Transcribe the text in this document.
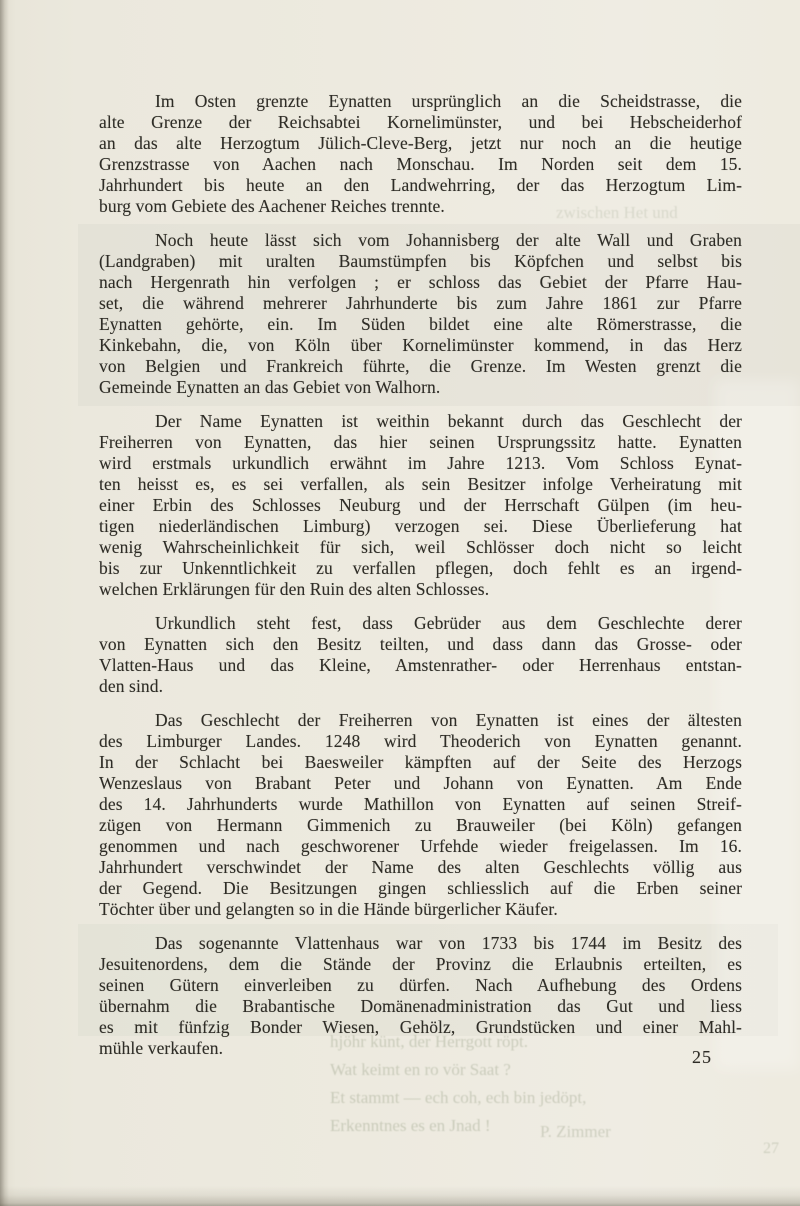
zwischen Het und
Im Osten grenzte Eynatten ursprünglich an die Scheidstrasse, die
alte Grenze der Reichsabtei Kornelimünster, und bei Hebscheiderhof
an das alte Herzogtum Jülich-Cleve-Berg, jetzt nur noch an die heutige
Grenzstrasse von Aachen nach Monschau. Im Norden seit dem 15.
Jahrhundert bis heute an den Landwehrring, der das Herzogtum Lim-
burg vom Gebiete des Aachener Reiches trennte.
Noch heute lässt sich vom Johannisberg der alte Wall und Graben
(Landgraben) mit uralten Baumstümpfen bis Köpfchen und selbst bis
nach Hergenrath hin verfolgen ; er schloss das Gebiet der Pfarre Hau-
set, die während mehrerer Jahrhunderte bis zum Jahre 1861 zur Pfarre
Eynatten gehörte, ein. Im Süden bildet eine alte Römerstrasse, die
Kinkebahn, die, von Köln über Kornelimünster kommend, in das Herz
von Belgien und Frankreich führte, die Grenze. Im Westen grenzt die
Gemeinde Eynatten an das Gebiet von Walhorn.
Der Name Eynatten ist weithin bekannt durch das Geschlecht der
Freiherren von Eynatten, das hier seinen Ursprungssitz hatte. Eynatten
wird erstmals urkundlich erwähnt im Jahre 1213. Vom Schloss Eynat-
ten heisst es, es sei verfallen, als sein Besitzer infolge Verheiratung mit
einer Erbin des Schlosses Neuburg und der Herrschaft Gülpen (im heu-
tigen niederländischen Limburg) verzogen sei. Diese Überlieferung hat
wenig Wahrscheinlichkeit für sich, weil Schlösser doch nicht so leicht
bis zur Unkenntlichkeit zu verfallen pflegen, doch fehlt es an irgend-
welchen Erklärungen für den Ruin des alten Schlosses.
Urkundlich steht fest, dass Gebrüder aus dem Geschlechte derer
von Eynatten sich den Besitz teilten, und dass dann das Grosse- oder
Vlatten-Haus und das Kleine, Amstenrather- oder Herrenhaus entstan-
den sind.
Das Geschlecht der Freiherren von Eynatten ist eines der ältesten
des Limburger Landes. 1248 wird Theoderich von Eynatten genannt.
In der Schlacht bei Baesweiler kämpften auf der Seite des Herzogs
Wenzeslaus von Brabant Peter und Johann von Eynatten. Am Ende
des 14. Jahrhunderts wurde Mathillon von Eynatten auf seinen Streif-
zügen von Hermann Gimmenich zu Brauweiler (bei Köln) gefangen
genommen und nach geschworener Urfehde wieder freigelassen. Im 16.
Jahrhundert verschwindet der Name des alten Geschlechts völlig aus
der Gegend. Die Besitzungen gingen schliesslich auf die Erben seiner
Töchter über und gelangten so in die Hände bürgerlicher Käufer.
Das sogenannte Vlattenhaus war von 1733 bis 1744 im Besitz des
Jesuitenordens, dem die Stände der Provinz die Erlaubnis erteilten, es
seinen Gütern einverleiben zu dürfen. Nach Aufhebung des Ordens
übernahm die Brabantische Domänenadministration das Gut und liess
es mit fünfzig Bonder Wiesen, Gehölz, Grundstücken und einer Mahl-
mühle verkaufen.	25
hjöhr künt, der Herrgott röpt.
Wat keimt en ro vör Saat ?
Et stammt — ech coh, ech bin jedöpt,
Erkenntnes es en Jnad !	P. Zimmer
27
